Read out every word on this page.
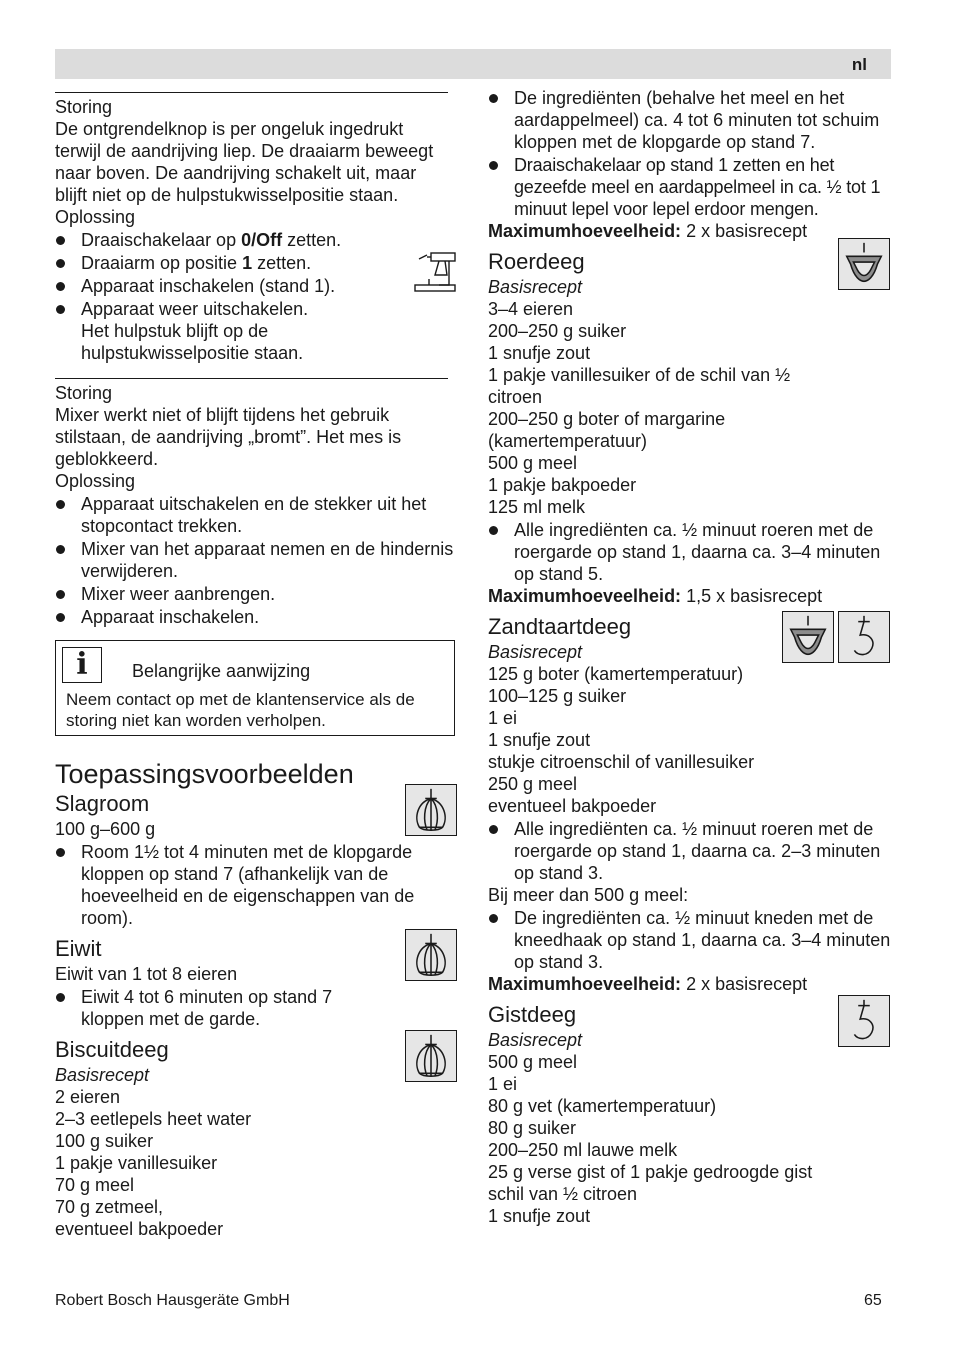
nl
Storing
De ontgrendelknop is per ongeluk ingedrukt terwijl de aandrijving liep. De draaiarm beweegt naar boven. De aandrijving schakelt uit, maar blijft niet op de hulpstukwisselpositie staan.
Oplossing
Draaischakelaar op 0/Off zetten.
Draaiarm op positie 1 zetten.
Apparaat inschakelen (stand 1).
Apparaat weer uitschakelen.
Het hulpstuk blijft op de hulpstukwisselpositie staan.
Storing
Mixer werkt niet of blijft tijdens het gebruik stilstaan, de aandrijving „bromt”. Het mes is geblokkeerd.
Oplossing
Apparaat uitschakelen en de stekker uit het stopcontact trekken.
Mixer van het apparaat nemen en de hindernis verwijderen.
Mixer weer aanbrengen.
Apparaat inschakelen.
i	Belangrijke aanwijzing
Neem contact op met de klantenservice als de storing niet kan worden verholpen.
Toepassingsvoorbeelden
Slagroom
100 g–600 g
Room 1½ tot 4 minuten met de klopgarde kloppen op stand 7 (afhankelijk van de hoeveelheid en de eigenschappen van de room).
Eiwit
Eiwit van 1 tot 8 eieren
Eiwit 4 tot 6 minuten op stand 7 kloppen met de garde.
Biscuitdeeg
Basisrecept
2 eieren
2–3 eetlepels heet water
100 g suiker
1 pakje vanillesuiker
70 g meel
70 g zetmeel,
eventueel bakpoeder
De ingrediënten (behalve het meel en het aardappelmeel) ca. 4 tot 6 minuten tot schuim kloppen met de klopgarde op stand 7.
Draaischakelaar op stand 1 zetten en het gezeefde meel en aardappelmeel in ca. ½ tot 1 minuut lepel voor lepel erdoor mengen.
Maximumhoeveelheid: 2 x basisrecept
Roerdeeg
Basisrecept
3–4 eieren
200–250 g suiker
1 snufje zout
1 pakje vanillesuiker of de schil van ½ citroen
200–250 g boter of margarine (kamertemperatuur)
500 g meel
1 pakje bakpoeder
125 ml melk
Alle ingrediënten ca. ½ minuut roeren met de roergarde op stand 1, daarna ca. 3–4 minuten op stand 5.
Maximumhoeveelheid: 1,5 x basisrecept
Zandtaartdeeg
Basisrecept
125 g boter (kamertemperatuur)
100–125 g suiker
1 ei
1 snufje zout
stukje citroenschil of vanillesuiker
250 g meel
eventueel bakpoeder
Alle ingrediënten ca. ½ minuut roeren met de roergarde op stand 1, daarna ca. 2–3 minuten op stand 3.
Bij meer dan 500 g meel:
De ingrediënten ca. ½ minuut kneden met de kneedhaak op stand 1, daarna ca. 3–4 minuten op stand 3.
Maximumhoeveelheid: 2 x basisrecept
Gistdeeg
Basisrecept
500 g meel
1 ei
80 g vet (kamertemperatuur)
80 g suiker
200–250 ml lauwe melk
25 g verse gist of 1 pakje gedroogde gist
schil van ½ citroen
1 snufje zout
Robert Bosch Hausgeräte GmbH	65
